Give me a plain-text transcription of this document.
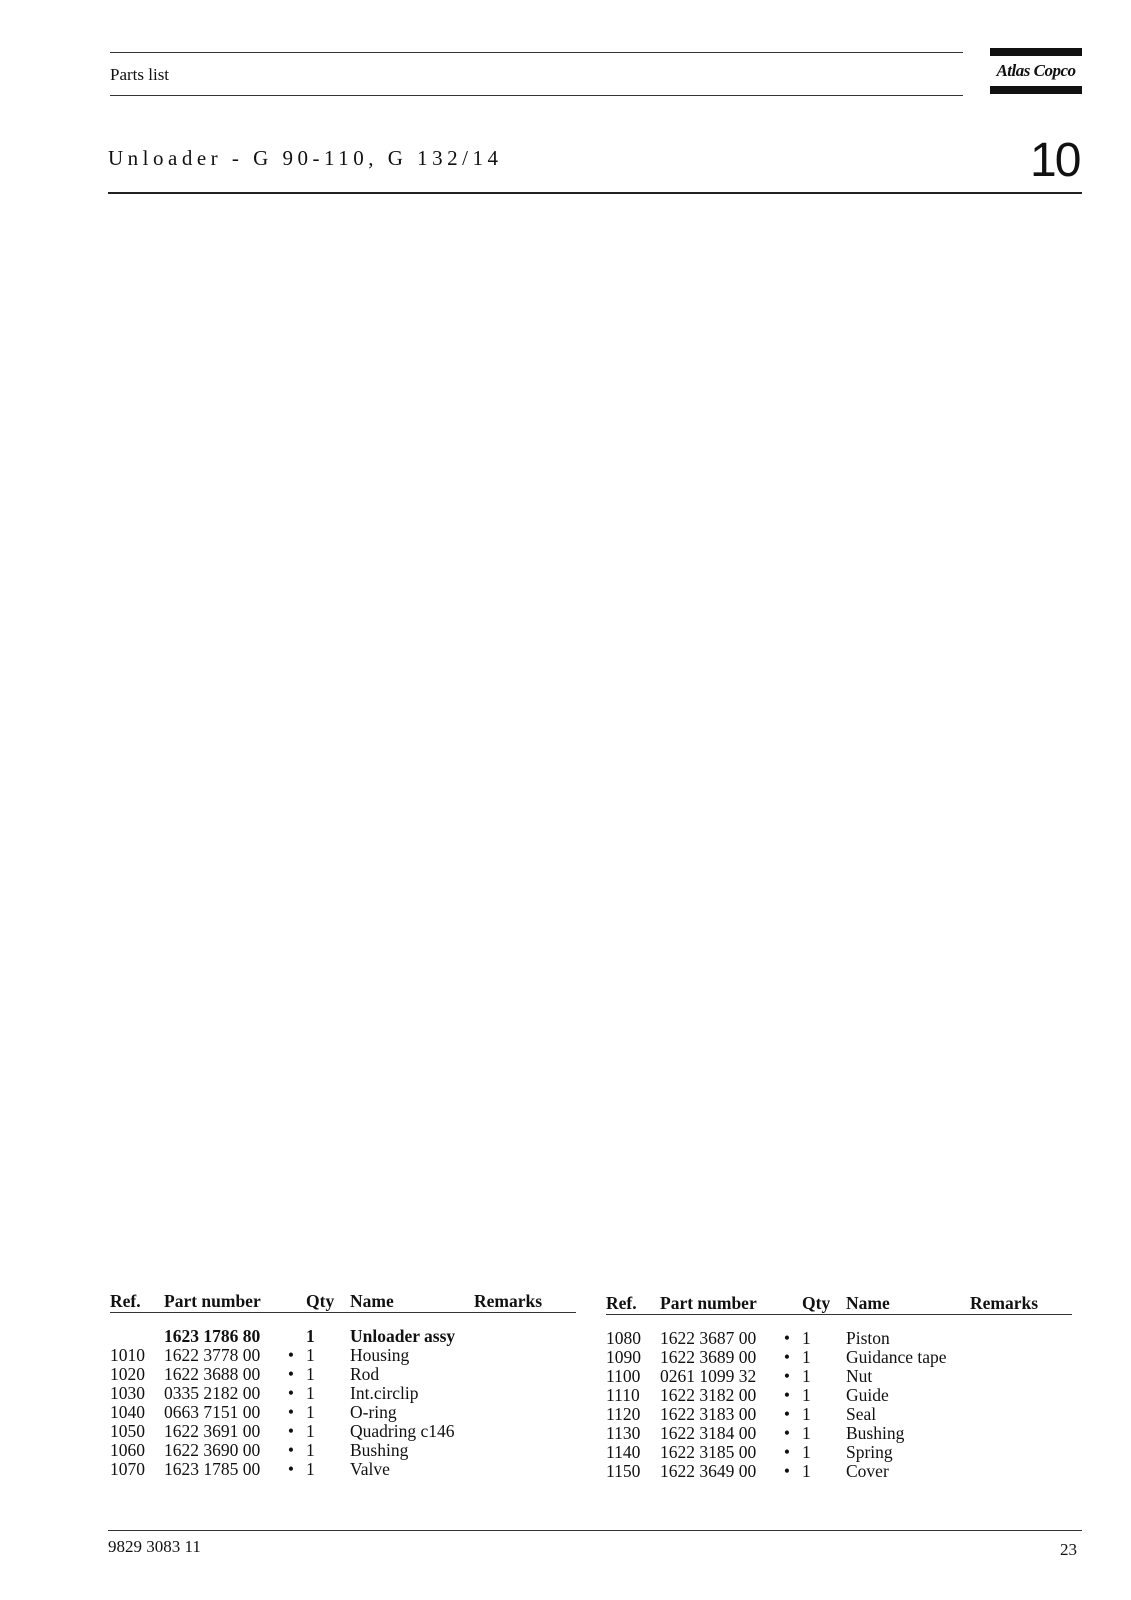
Parts list	Atlas Copco
Unloader - G 90-110, G 132/14	10
Ref.	Part number		Qty	Name	Remarks

	1623 1786 80		1	Unloader assy	
1010	1622 3778 00	•	1	Housing	
1020	1622 3688 00	•	1	Rod	
1030	0335 2182 00	•	1	Int.circlip	
1040	0663 7151 00	•	1	O-ring	
1050	1622 3691 00	•	1	Quadring c146	
1060	1622 3690 00	•	1	Bushing	
1070	1623 1785 00	•	1	Valve	
Ref.	Part number		Qty	Name	Remarks

1080	1622 3687 00	•	1	Piston	
1090	1622 3689 00	•	1	Guidance tape	
1100	0261 1099 32	•	1	Nut	
1110	1622 3182 00	•	1	Guide	
1120	1622 3183 00	•	1	Seal	
1130	1622 3184 00	•	1	Bushing	
1140	1622 3185 00	•	1	Spring	
1150	1622 3649 00	•	1	Cover	
9829 3083 11	23
